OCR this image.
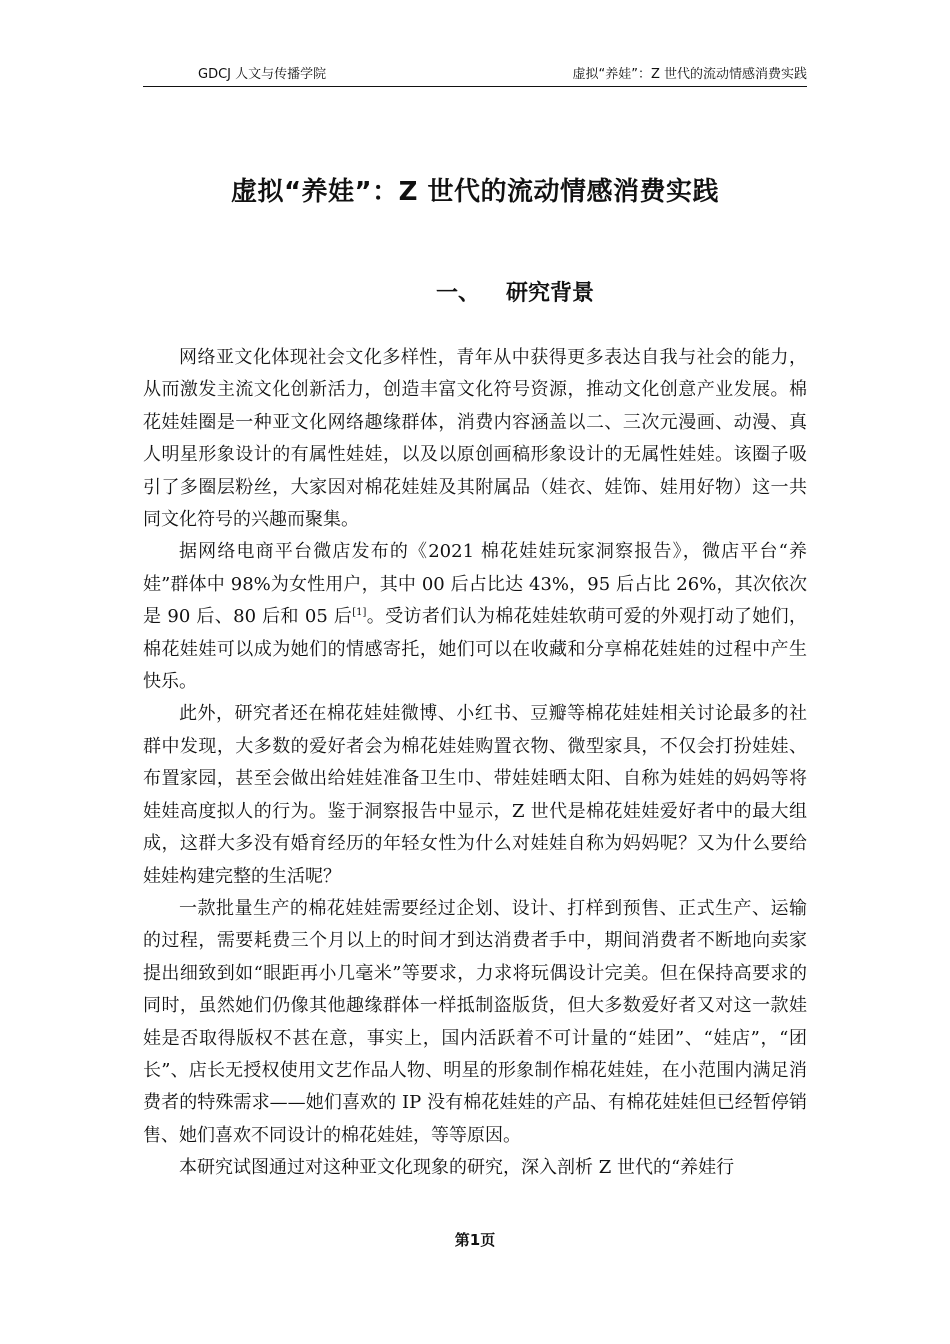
GDCJ 人文与传播学院	虚拟“养娃”：Z 世代的流动情感消费实践
虚拟“养娃”：Z 世代的流动情感消费实践
一、 研究背景

网络亚文化体现社会文化多样性，青年从中获得更多表达自我与社会的能力，从而激发主流文化创新活力，创造丰富文化符号资源，推动文化创意产业发展。棉花娃娃圈是一种亚文化网络趣缘群体，消费内容涵盖以二、三次元漫画、动漫、真人明星形象设计的有属性娃娃，以及以原创画稿形象设计的无属性娃娃。该圈子吸引了多圈层粉丝，大家因对棉花娃娃及其附属品（娃衣、娃饰、娃用好物）这一共同文化符号的兴趣而聚集。

据网络电商平台微店发布的《2021 棉花娃娃玩家洞察报告》，微店平台“养娃”群体中 98%为女性用户，其中 00 后占比达 43%，95 后占比 26%，其次依次是 90 后、80 后和 05 后[1]。受访者们认为棉花娃娃软萌可爱的外观打动了她们，棉花娃娃可以成为她们的情感寄托，她们可以在收藏和分享棉花娃娃的过程中产生快乐。

此外，研究者还在棉花娃娃微博、小红书、豆瓣等棉花娃娃相关讨论最多的社群中发现，大多数的爱好者会为棉花娃娃购置衣物、微型家具，不仅会打扮娃娃、布置家园，甚至会做出给娃娃准备卫生巾、带娃娃晒太阳、自称为娃娃的妈妈等将娃娃高度拟人的行为。鉴于洞察报告中显示，Z 世代是棉花娃娃爱好者中的最大组成，这群大多没有婚育经历的年轻女性为什么对娃娃自称为妈妈呢？又为什么要给娃娃构建完整的生活呢？

一款批量生产的棉花娃娃需要经过企划、设计、打样到预售、正式生产、运输的过程，需要耗费三个月以上的时间才到达消费者手中，期间消费者不断地向卖家提出细致到如“眼距再小几毫米”等要求，力求将玩偶设计完美。但在保持高要求的同时，虽然她们仍像其他趣缘群体一样抵制盗版货，但大多数爱好者又对这一款娃娃是否取得版权不甚在意，事实上，国内活跃着不可计量的“娃团”、“娃店”，“团长”、店长无授权使用文艺作品人物、明星的形象制作棉花娃娃，在小范围内满足消费者的特殊需求——她们喜欢的 IP 没有棉花娃娃的产品、有棉花娃娃但已经暂停销售、她们喜欢不同设计的棉花娃娃，等等原因。

本研究试图通过对这种亚文化现象的研究，深入剖析 Z 世代的“养娃行

第1页
